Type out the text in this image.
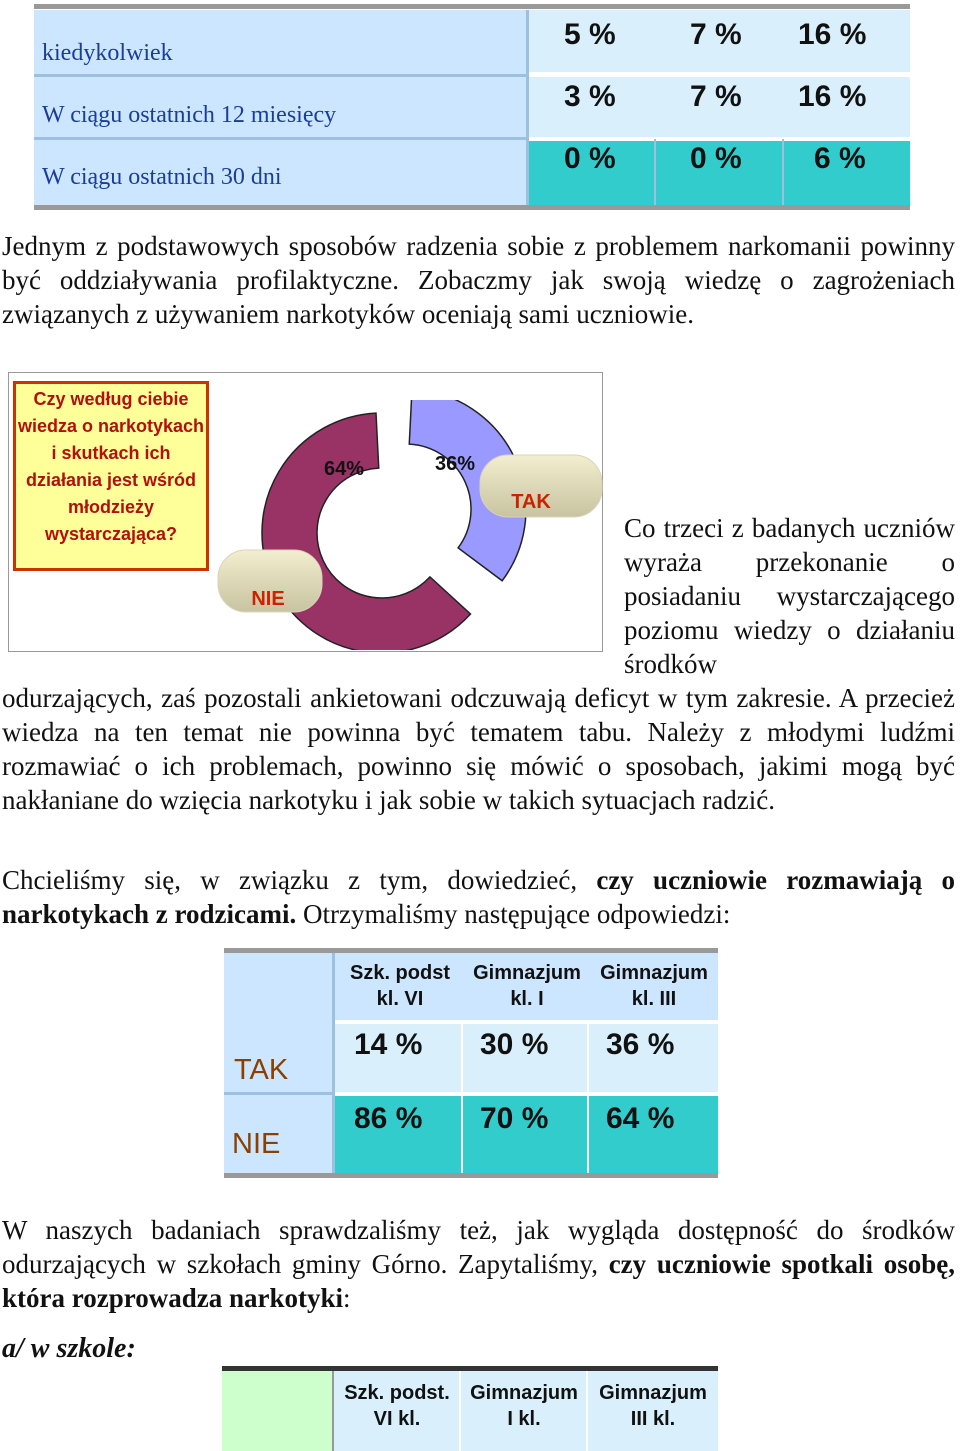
kiedykolwiek
W ciągu ostatnich 12 miesięcy
W ciągu ostatnich 30 dni
5 % 7 % 16 %
3 % 7 % 16 %
0 % 0 % 6 %

Jednym z podstawowych sposobów radzenia sobie z problemem narkomanii powinny być oddziaływania profilaktyczne. Zobaczmy jak swoją wiedzę o zagrożeniach związanych z używaniem narkotyków oceniają sami uczniowie.

Czy według ciebie wiedza o narkotykach i skutkach ich działania jest wśród młodzieży wystarczająca?
NIE
TAK
64%	36%

Co trzeci z badanych uczniów wyraża przekonanie o posiadaniu wystarczającego poziomu wiedzy o działaniu środków

odurzających, zaś pozostali ankietowani odczuwają deficyt w tym zakresie. A przecież wiedza na ten temat nie powinna być tematem tabu. Należy z młodymi ludźmi rozmawiać o ich problemach, powinno się mówić o sposobach, jakimi mogą być nakłaniane do wzięcia narkotyku i jak sobie w takich sytuacjach radzić.

Chcieliśmy się, w związku z tym, dowiedzieć, czy uczniowie rozmawiają o narkotykach z rodzicami. Otrzymaliśmy następujące odpowiedzi:

Szk. podst
kl. VI
Gimnazjum
kl. I
Gimnazjum
kl. III
TAK
NIE
14 % 30 % 36 %
86 % 70 % 64 %

W naszych badaniach sprawdzaliśmy też, jak wygląda dostępność do środków odurzających w szkołach gminy Górno. Zapytaliśmy, czy uczniowie spotkali osobę, która rozprowadza narkotyki:

a/ w szkole:
Szk. podst.
VI kl.
Gimnazjum
I kl.
Gimnazjum
III kl.
